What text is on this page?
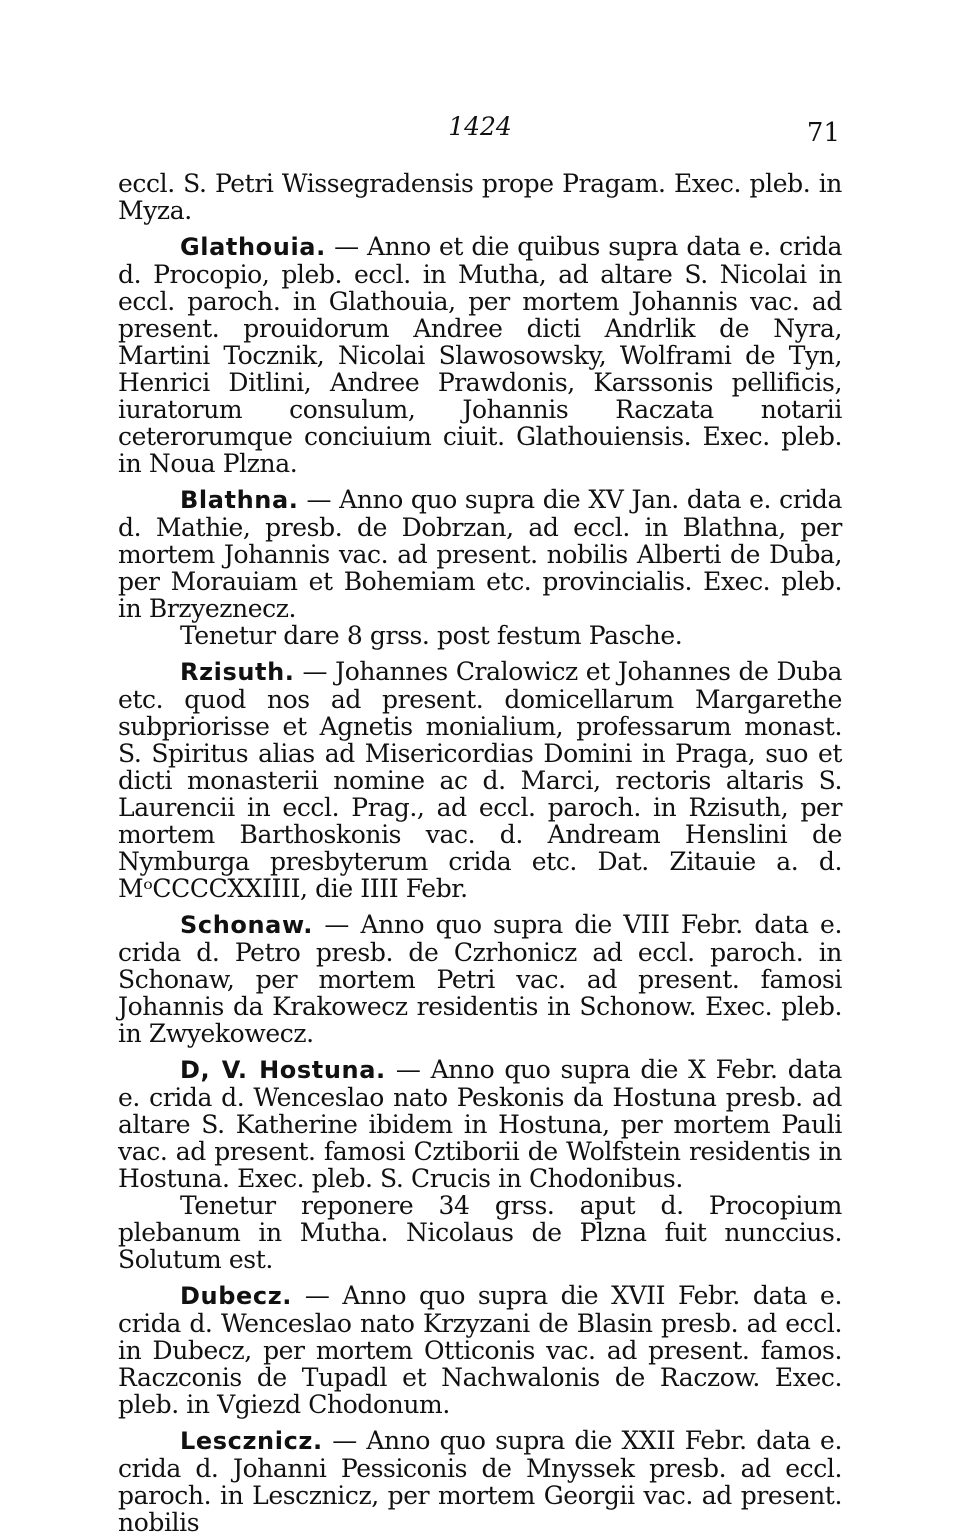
1424	71

eccl. S. Petri Wissegradensis prope Pragam. Exec. pleb. in Myza.

Glathouia. — Anno et die quibus supra data e. crida d. Procopio, pleb. eccl. in Mutha, ad altare S. Nicolai in eccl. paroch. in Glathouia, per mortem Johannis vac. ad present. prouidorum Andree dicti Andrlik de Nyra, Martini Tocznik, Nicolai Slawosowsky, Wolframi de Tyn, Henrici Ditlini, Andree Prawdonis, Karssonis pellificis, iuratorum consulum, Johannis Raczata notarii ceterorumque conciuium ciuit. Glathouiensis. Exec. pleb. in Noua Plzna.

Blathna. — Anno quo supra die XV Jan. data e. crida d. Mathie, presb. de Dobrzan, ad eccl. in Blathna, per mortem Johannis vac. ad present. nobilis Alberti de Duba, per Morauiam et Bohemiam etc. provincialis. Exec. pleb. in Brzyeznecz.

Tenetur dare 8 grss. post festum Pasche.

Rzisuth. — Johannes Cralowicz et Johannes de Duba etc. quod nos ad present. domicellarum Margarethe subpriorisse et Agnetis monialium, professarum monast. S. Spiritus alias ad Misericordias Domini in Praga, suo et dicti monasterii nomine ac d. Marci, rectoris altaris S. Laurencii in eccl. Prag., ad eccl. paroch. in Rzisuth, per mortem Barthoskonis vac. d. Andream Henslini de Nymburga presbyterum crida etc. Dat. Zitauie a. d. MᵒCCCCXXIIII, die IIII Febr.

Schonaw. — Anno quo supra die VIII Febr. data e. crida d. Petro presb. de Czrhonicz ad eccl. paroch. in Schonaw, per mortem Petri vac. ad present. famosi Johannis da Krakowecz residentis in Schonow. Exec. pleb. in Zwyekowecz.

D, V. Hostuna. — Anno quo supra die X Febr. data e. crida d. Wenceslao nato Peskonis da Hostuna presb. ad altare S. Katherine ibidem in Hostuna, per mortem Pauli vac. ad present. famosi Cztiborii de Wolfstein residentis in Hostuna. Exec. pleb. S. Crucis in Chodonibus.

Tenetur reponere 34 grss. aput d. Procopium plebanum in Mutha. Nicolaus de Plzna fuit nunccius. Solutum est.

Dubecz. — Anno quo supra die XVII Febr. data e. crida d. Wenceslao nato Krzyzani de Blasin presb. ad eccl. in Dubecz, per mortem Otticonis vac. ad present. famos. Raczconis de Tupadl et Nachwalonis de Raczow. Exec. pleb. in Vgiezd Chodonum.

Lescznicz. — Anno quo supra die XXII Febr. data e. crida d. Johanni Pessiconis de Mnyssek presb. ad eccl. paroch. in Lescznicz, per mortem Georgii vac. ad present. nobilis
